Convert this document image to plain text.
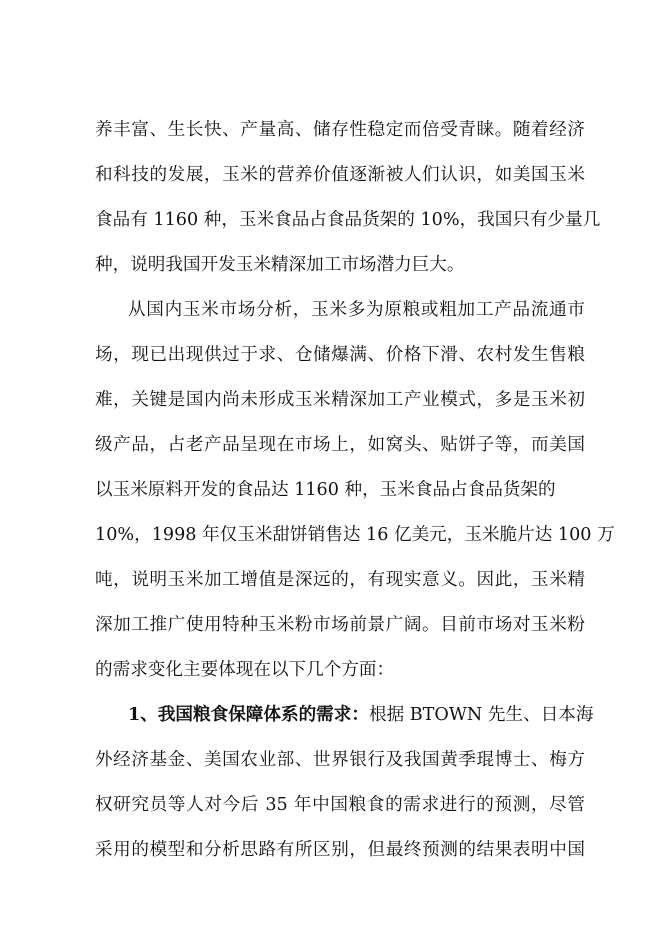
养丰富、生长快、产量高、储存性稳定而倍受青睐。随着经济
和科技的发展，玉米的营养价值逐渐被人们认识，如美国玉米
食品有 1160 种，玉米食品占食品货架的 10%，我国只有少量几
种，说明我国开发玉米精深加工市场潜力巨大。
从国内玉米市场分析，玉米多为原粮或粗加工产品流通市
场，现已出现供过于求、仓储爆满、价格下滑、农村发生售粮
难，关键是国内尚未形成玉米精深加工产业模式，多是玉米初
级产品，占老产品呈现在市场上，如窝头、贴饼子等，而美国
以玉米原料开发的食品达 1160 种，玉米食品占食品货架的
10%，1998 年仅玉米甜饼销售达 16 亿美元，玉米脆片达 100 万
吨，说明玉米加工增值是深远的，有现实意义。因此，玉米精
深加工推广使用特种玉米粉市场前景广阔。目前市场对玉米粉
的需求变化主要体现在以下几个方面：
1、我国粮食保障体系的需求：根据 BTOWN 先生、日本海
外经济基金、美国农业部、世界银行及我国黄季琨博士、梅方
权研究员等人对今后 35 年中国粮食的需求进行的预测，尽管
采用的模型和分析思路有所区别，但最终预测的结果表明中国
